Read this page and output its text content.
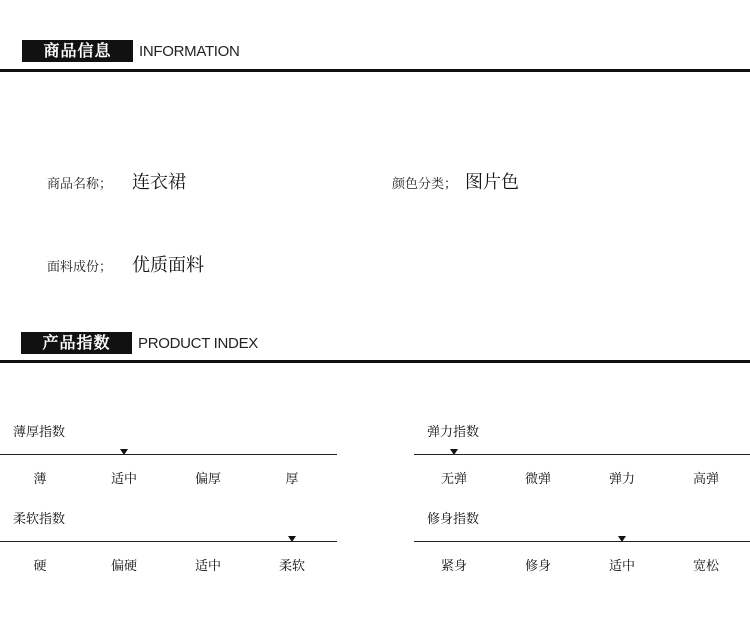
商品信息	INFORMATION
商品名称； 连衣裙	颜色分类； 图片色
面料成份； 优质面料
产品指数	PRODUCT INDEX
薄厚指数
薄	适中	偏厚	厚
弹力指数
无弹	微弹	弹力	高弹
柔软指数
硬	偏硬	适中	柔软
修身指数
紧身	修身	适中	宽松
